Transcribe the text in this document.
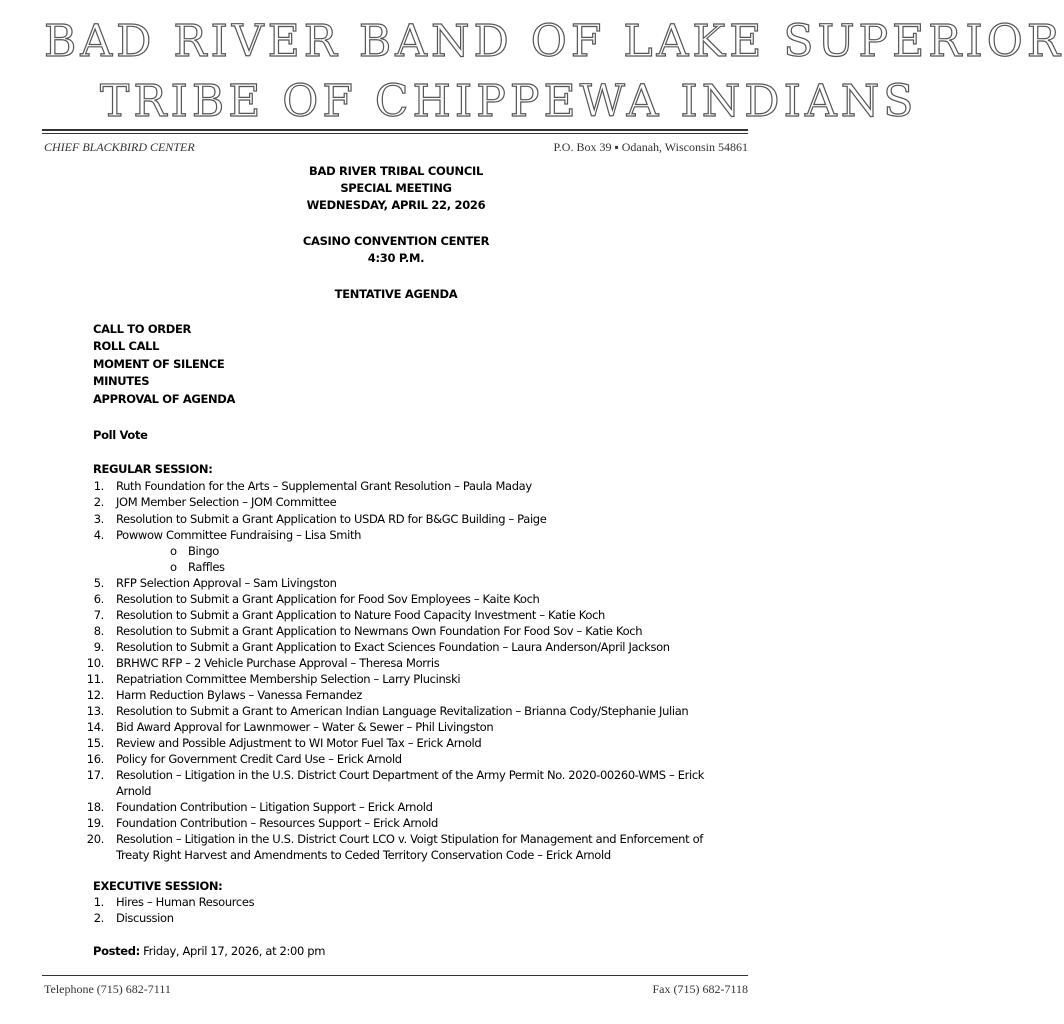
BAD RIVER BAND OF LAKE SUPERIOR
TRIBE OF CHIPPEWA INDIANS
CHIEF BLACKBIRD CENTER	P.O. Box 39 ▪ Odanah, Wisconsin 54861
BAD RIVER TRIBAL COUNCIL
SPECIAL MEETING
WEDNESDAY, APRIL 22, 2026
CASINO CONVENTION CENTER
4:30 P.M.
TENTATIVE AGENDA
CALL TO ORDER
ROLL CALL
MOMENT OF SILENCE
MINUTES
APPROVAL OF AGENDA
Poll Vote
REGULAR SESSION:
1. Ruth Foundation for the Arts – Supplemental Grant Resolution – Paula Maday
2. JOM Member Selection – JOM Committee
3. Resolution to Submit a Grant Application to USDA RD for B&GC Building – Paige
4. Powwow Committee Fundraising – Lisa Smith
o Bingo
o Raffles
5. RFP Selection Approval – Sam Livingston
6. Resolution to Submit a Grant Application for Food Sov Employees – Kaite Koch
7. Resolution to Submit a Grant Application to Nature Food Capacity Investment – Katie Koch
8. Resolution to Submit a Grant Application to Newmans Own Foundation For Food Sov – Katie Koch
9. Resolution to Submit a Grant Application to Exact Sciences Foundation – Laura Anderson/April Jackson
10. BRHWC RFP – 2 Vehicle Purchase Approval – Theresa Morris
11. Repatriation Committee Membership Selection – Larry Plucinski
12. Harm Reduction Bylaws – Vanessa Fernandez
13. Resolution to Submit a Grant to American Indian Language Revitalization – Brianna Cody/Stephanie Julian
14. Bid Award Approval for Lawnmower – Water & Sewer – Phil Livingston
15. Review and Possible Adjustment to WI Motor Fuel Tax – Erick Arnold
16. Policy for Government Credit Card Use – Erick Arnold
17. Resolution – Litigation in the U.S. District Court Department of the Army Permit No. 2020-00260-WMS – Erick
Arnold
18. Foundation Contribution – Litigation Support – Erick Arnold
19. Foundation Contribution – Resources Support – Erick Arnold
20. Resolution – Litigation in the U.S. District Court LCO v. Voigt Stipulation for Management and Enforcement of
Treaty Right Harvest and Amendments to Ceded Territory Conservation Code – Erick Arnold
EXECUTIVE SESSION:
1. Hires – Human Resources
2. Discussion
Posted: Friday, April 17, 2026, at 2:00 pm
Telephone (715) 682-7111	Fax (715) 682-7118
